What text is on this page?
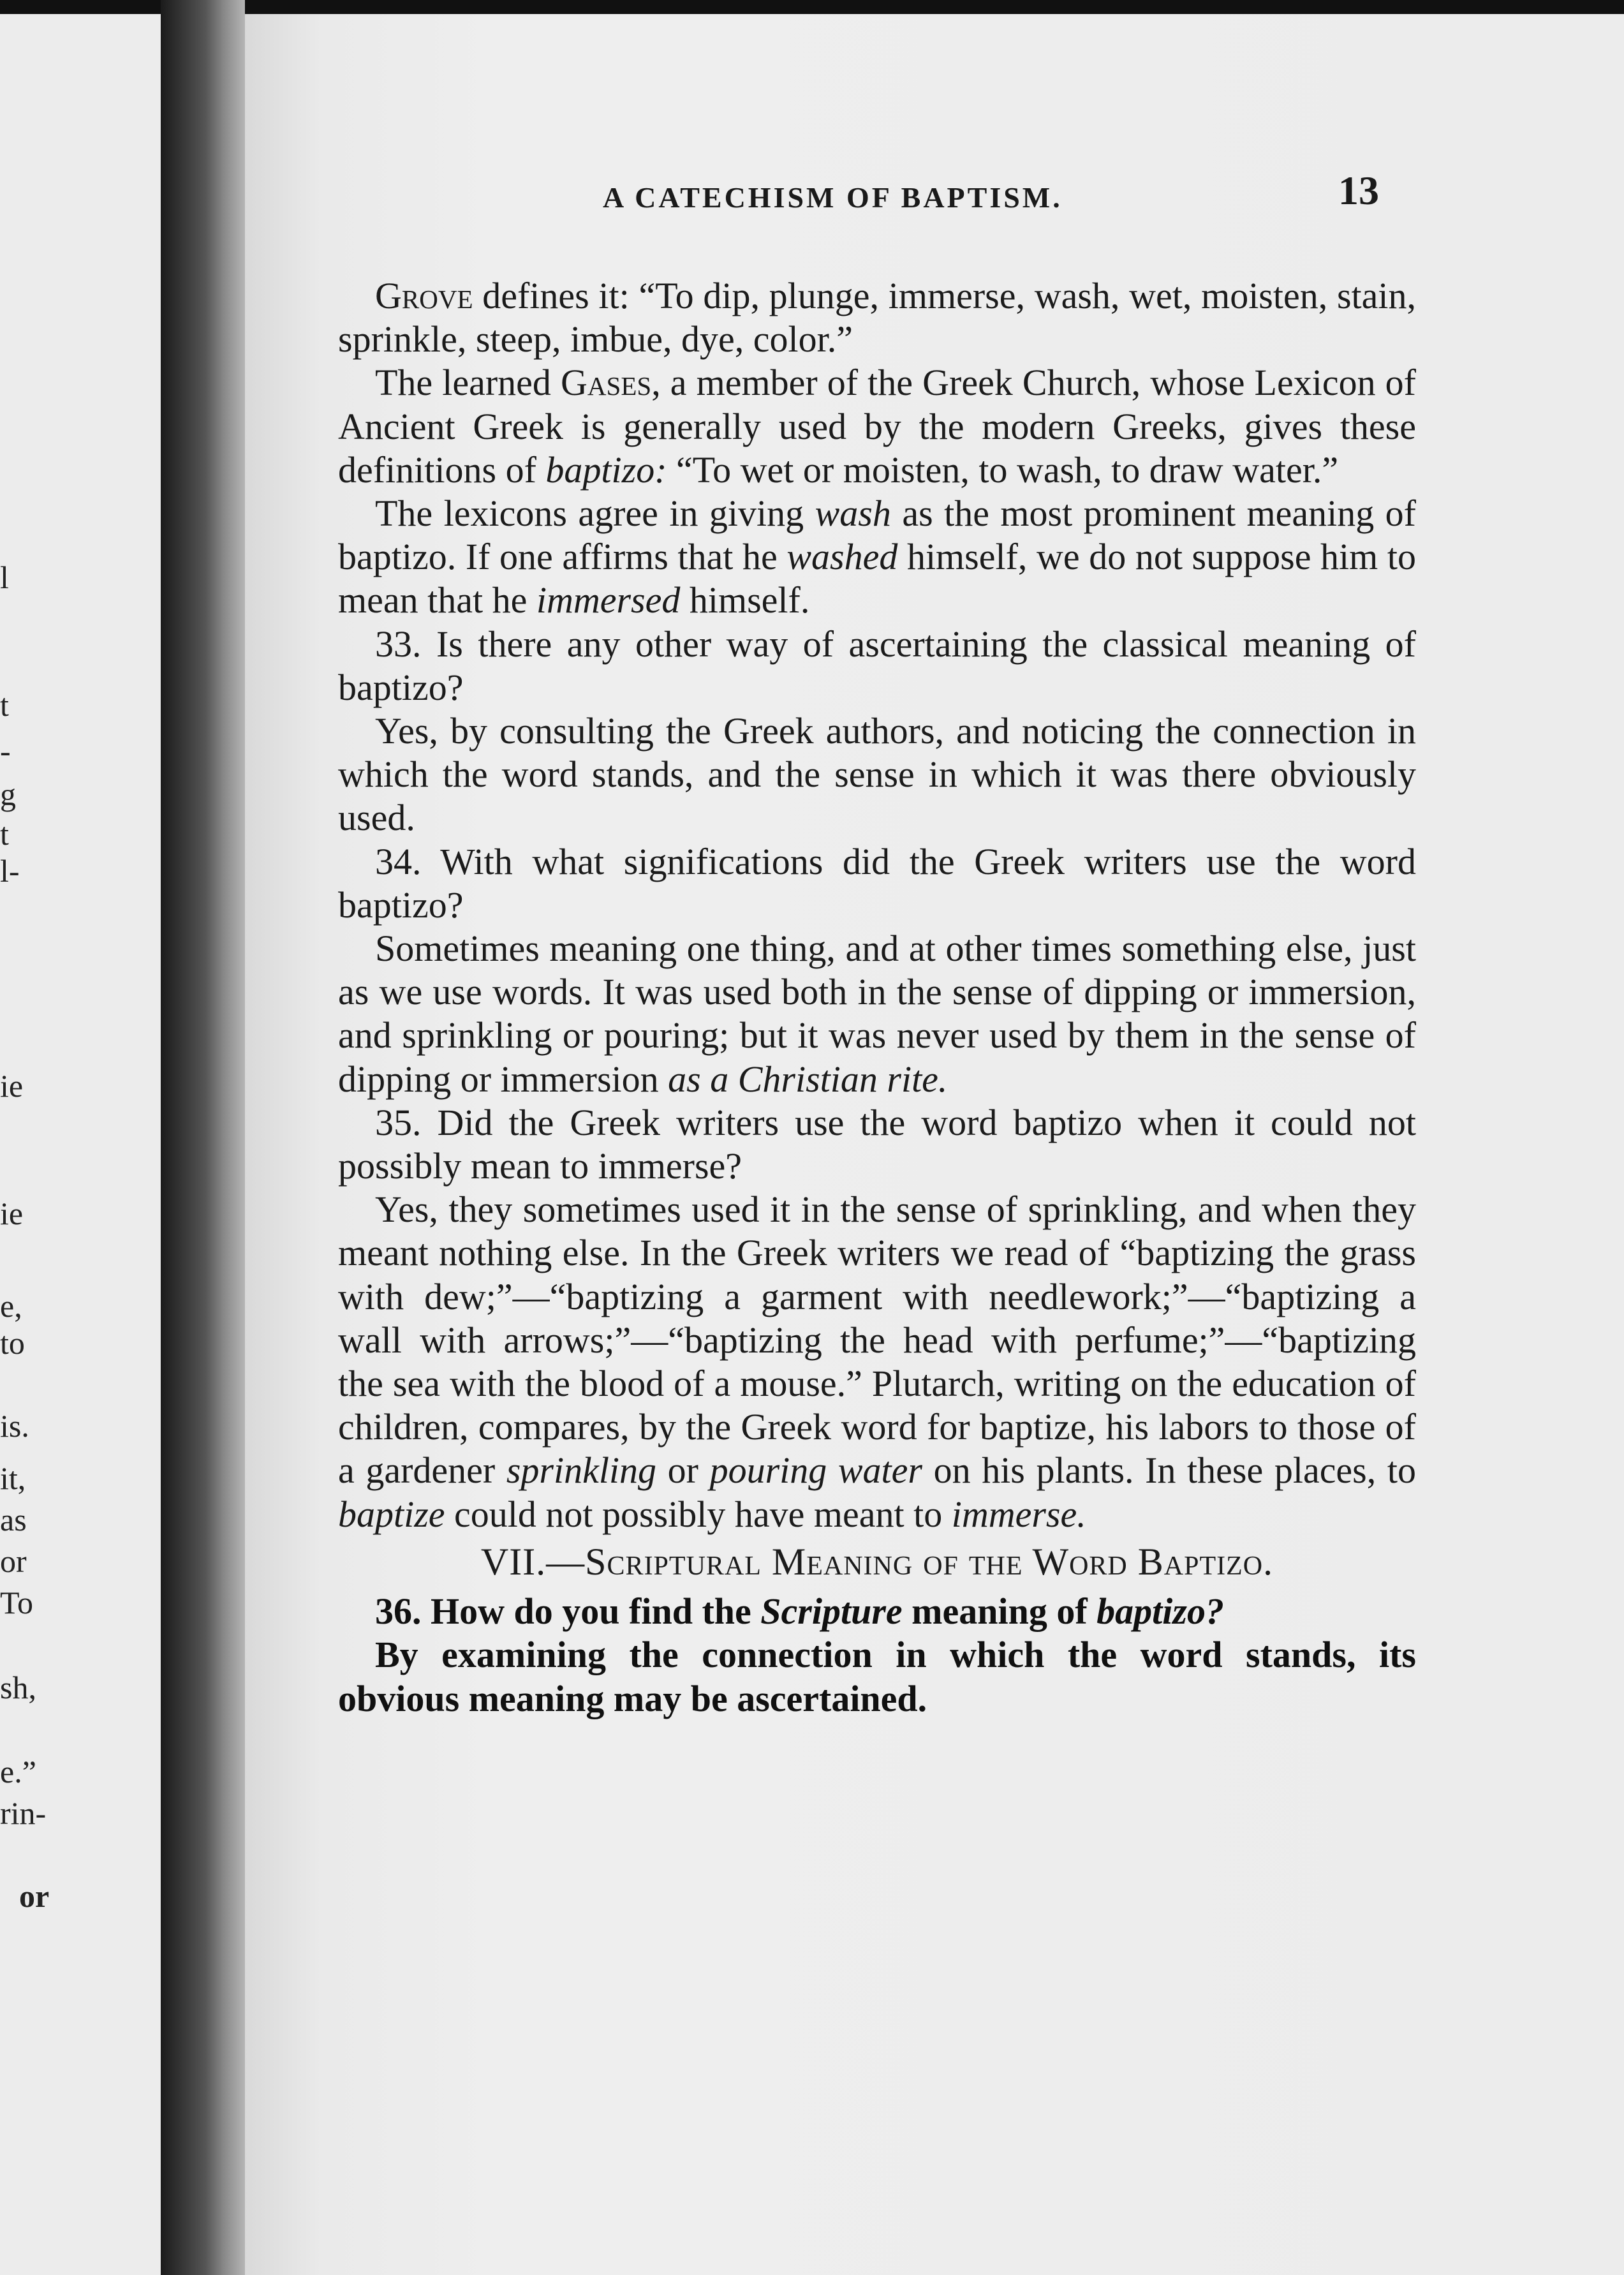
l
t
-
g
t
l-
ie
ie
e,
to
is.
it,
as
or
To
sh,
e.”
rin-
or
A CATECHISM OF BAPTISM.	13

Grove defines it: “To dip, plunge, immerse, wash, wet, moisten, stain, sprinkle, steep, imbue, dye, color.”

The learned Gases, a member of the Greek Church, whose Lexicon of Ancient Greek is generally used by the modern Greeks, gives these definitions of baptizo: “To wet or moisten, to wash, to draw water.”

The lexicons agree in giving wash as the most prominent meaning of baptizo. If one affirms that he washed himself, we do not suppose him to mean that he immersed himself.

33. Is there any other way of ascertaining the classical meaning of baptizo?

Yes, by consulting the Greek authors, and noticing the connection in which the word stands, and the sense in which it was there obviously used.

34. With what significations did the Greek writers use the word baptizo?

Sometimes meaning one thing, and at other times something else, just as we use words. It was used both in the sense of dipping or immersion, and sprinkling or pouring; but it was never used by them in the sense of dipping or immersion as a Christian rite.

35. Did the Greek writers use the word baptizo when it could not possibly mean to immerse?

Yes, they sometimes used it in the sense of sprinkling, and when they meant nothing else. In the Greek writers we read of “baptizing the grass with dew;”—“baptizing a garment with needlework;”—“baptizing a wall with arrows;”—“baptizing the head with perfume;”—“baptizing the sea with the blood of a mouse.” Plutarch, writing on the education of children, compares, by the Greek word for baptize, his labors to those of a gardener sprinkling or pouring water on his plants. In these places, to baptize could not possibly have meant to immerse.

VII.—Scriptural Meaning of the Word Baptizo.

36. How do you find the Scripture meaning of baptizo?

By examining the connection in which the word stands, its obvious meaning may be ascertained.
